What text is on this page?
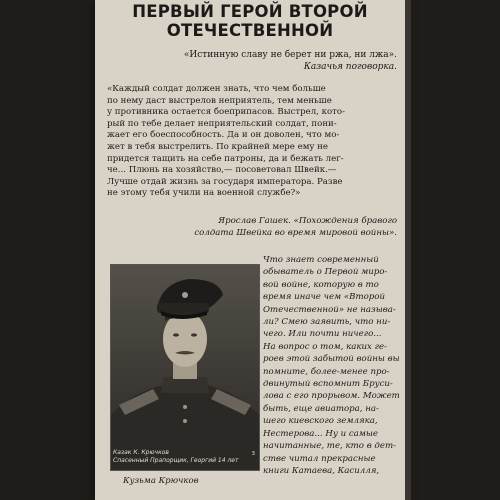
ПЕРВЫЙ ГЕРОЙ ВТОРОЙ
ОТЕЧЕСТВЕННОЙ
«Истинную славу не берет ни ржа, ни лжа».
Казачья поговорка.
«Каждый солдат должен знать, что чем больше
по нему даст выстрелов неприятель, тем меньше
у противника остается боеприпасов. Выстрел, кото-
рый по тебе делает неприятельский солдат, пони-
жает его боеспособность. Да и он доволен, что мо-
жет в тебя выстрелить. По крайней мере ему не
придется тащить на себе патроны, да и бежать лег-
че... Плюнь на хозяйство,— посоветовал Швейк.—
Лучше отдай жизнь за государя императора. Разве
не этому тебя учили на военной службе?»
Ярослав Гашек. «Похождения бравого
солдата Швейка во время мировой войны».
3
Казак К. Крючков
Спасенный Прапорщик, Георгий 14 лет
Кузьма Крючков
Что знает современный
обыватель о Первой миро-
вой войне, которую в то
время иначе чем «Второй
Отечественной» не называ-
ли? Смею заявить, что ни-
чего. Или почти ничего...
На вопрос о том, каких ге-
роев этой забытой войны вы
помните, более-менее про-
двинутый вспомнит Бруси-
лова с его прорывом. Может
быть, еще авиатора, на-
шего киевского земляка,
Нестерова... Ну и самые
начитанные, те, кто в дет-
стве читал прекрасные
книги Катаева, Касилля,
